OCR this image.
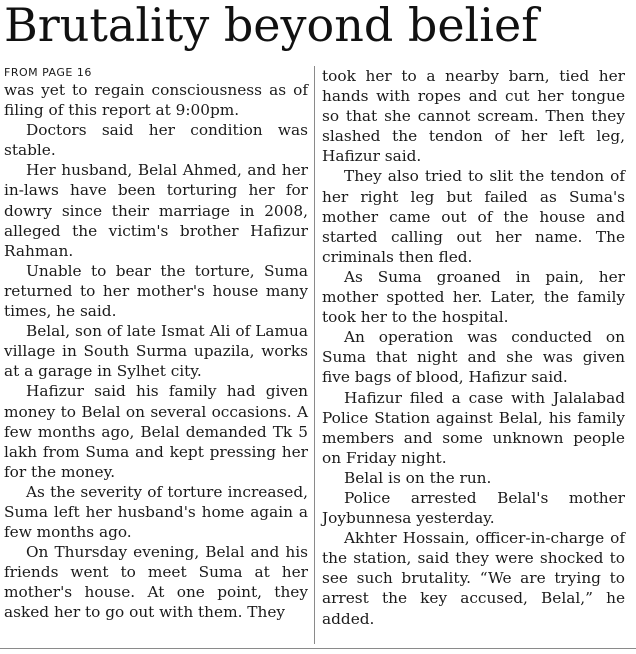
Brutality beyond belief
FROM PAGE 16

was yet to regain consciousness as of filing of this report at 9:00pm.

Doctors said her condition was stable.

Her husband, Belal Ahmed, and her in-laws have been torturing her for dowry since their marriage in 2008, alleged the victim's brother Hafizur Rahman.

Unable to bear the torture, Suma returned to her mother's house many times, he said.

Belal, son of late Ismat Ali of Lamua village in South Surma upazila, works at a garage in Sylhet city.

Hafizur said his family had given money to Belal on several occasions. A few months ago, Belal demanded Tk 5 lakh from Suma and kept pressing her for the money.

As the severity of torture increased, Suma left her husband's home again a few months ago.

On Thursday evening, Belal and his friends went to meet Suma at her mother's house. At one point, they asked her to go out with them. They

took her to a nearby barn, tied her hands with ropes and cut her tongue so that she cannot scream. Then they slashed the tendon of her left leg, Hafizur said.

They also tried to slit the tendon of her right leg but failed as Suma's mother came out of the house and started calling out her name. The criminals then fled.

As Suma groaned in pain, her mother spotted her. Later, the family took her to the hospital.

An operation was conducted on Suma that night and she was given five bags of blood, Hafizur said.

Hafizur filed a case with Jalalabad Police Station against Belal, his family members and some unknown people on Friday night.

Belal is on the run.

Police arrested Belal's mother Joybunnesa yesterday.

Akhter Hossain, officer-in-charge of the station, said they were shocked to see such brutality. “We are trying to arrest the key accused, Belal,” he added.
